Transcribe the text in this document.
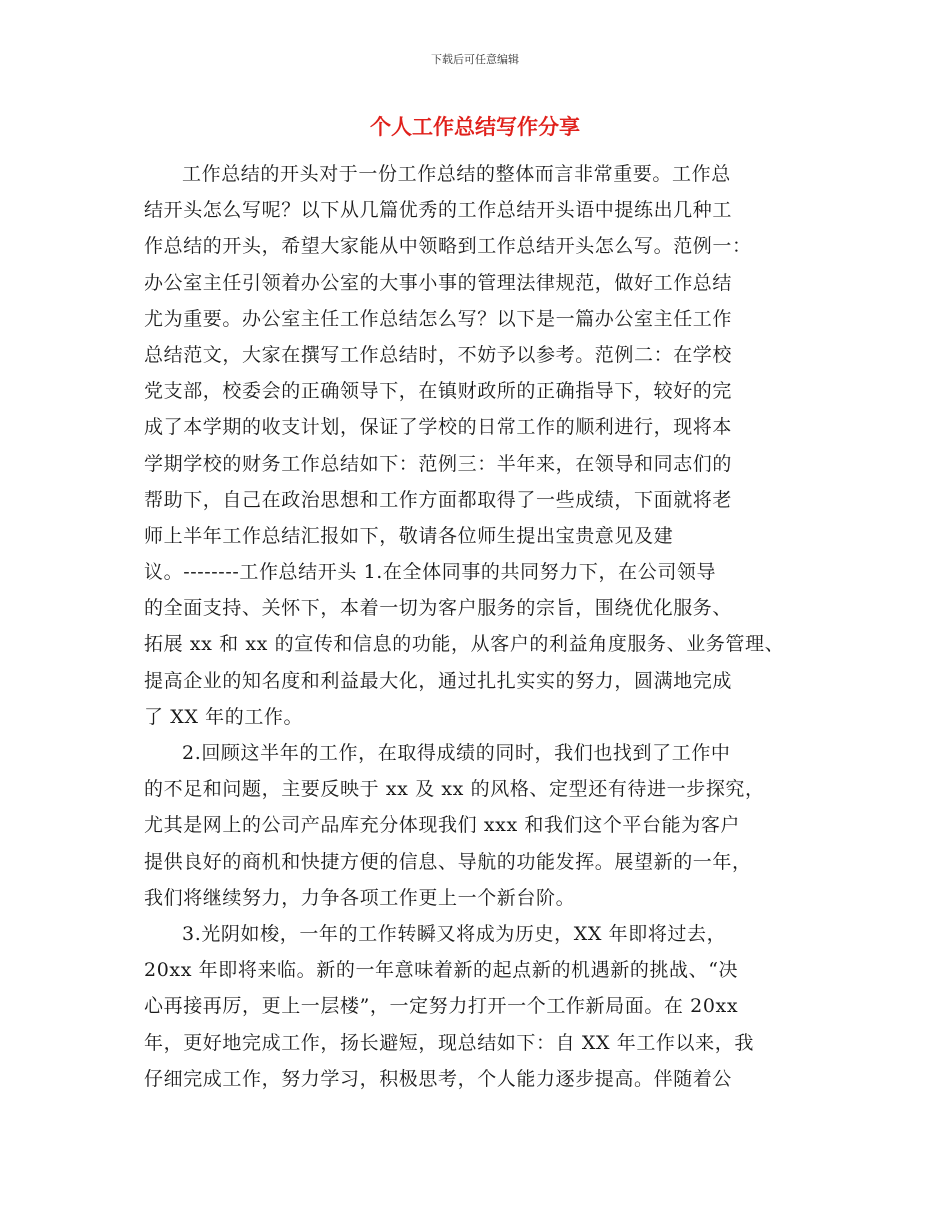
下载后可任意编辑
个人工作总结写作分享
工作总结的开头对于一份工作总结的整体而言非常重要。工作总
结开头怎么写呢？以下从几篇优秀的工作总结开头语中提练出几种工
作总结的开头，希望大家能从中领略到工作总结开头怎么写。范例一：
办公室主任引领着办公室的大事小事的管理法律规范，做好工作总结
尤为重要。办公室主任工作总结怎么写？以下是一篇办公室主任工作
总结范文，大家在撰写工作总结时，不妨予以参考。范例二：在学校
党支部，校委会的正确领导下，在镇财政所的正确指导下，较好的完
成了本学期的收支计划，保证了学校的日常工作的顺利进行，现将本
学期学校的财务工作总结如下：范例三：半年来，在领导和同志们的
帮助下，自己在政治思想和工作方面都取得了一些成绩，下面就将老
师上半年工作总结汇报如下，敬请各位师生提出宝贵意见及建
议。--------工作总结开头 1.在全体同事的共同努力下，在公司领导
的全面支持、关怀下，本着一切为客户服务的宗旨，围绕优化服务、
拓展 xx 和 xx 的宣传和信息的功能，从客户的利益角度服务、业务管理、
提高企业的知名度和利益最大化，通过扎扎实实的努力，圆满地完成
了 XX 年的工作。
2.回顾这半年的工作，在取得成绩的同时，我们也找到了工作中
的不足和问题，主要反映于 xx 及 xx 的风格、定型还有待进一步探究，
尤其是网上的公司产品库充分体现我们 xxx 和我们这个平台能为客户
提供良好的商机和快捷方便的信息、导航的功能发挥。展望新的一年，
我们将继续努力，力争各项工作更上一个新台阶。
3.光阴如梭，一年的工作转瞬又将成为历史，XX 年即将过去，
20xx 年即将来临。新的一年意味着新的起点新的机遇新的挑战、“决
心再接再厉，更上一层楼”，一定努力打开一个工作新局面。在 20xx
年，更好地完成工作，扬长避短，现总结如下：自 XX 年工作以来，我
仔细完成工作，努力学习，积极思考，个人能力逐步提高。伴随着公
